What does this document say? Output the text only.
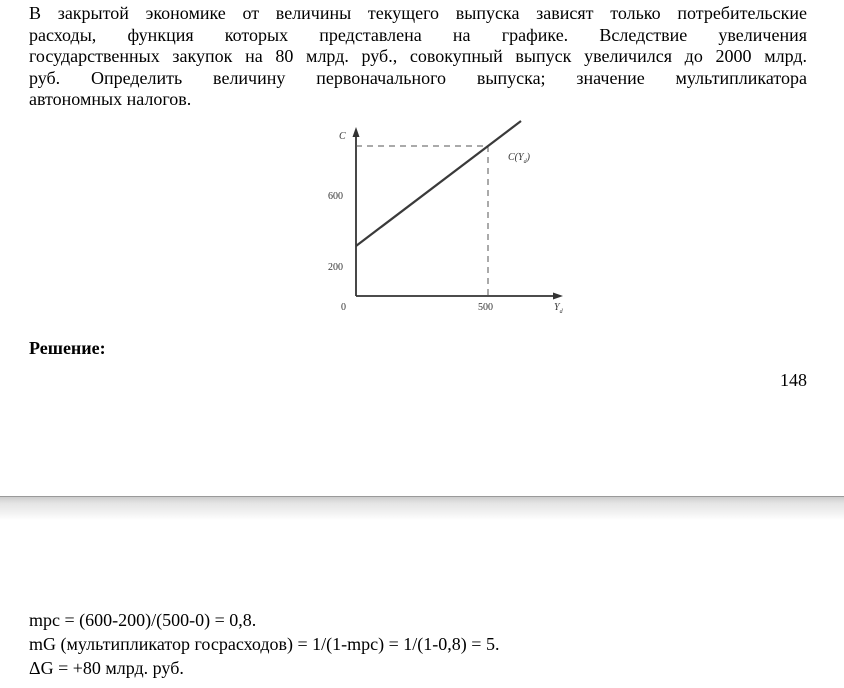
В закрытой экономике от величины текущего выпуска зависят только потребительские
расходы, функция которых представлена на графике. Вследствие увеличения
государственных закупок на 80 млрд. руб., совокупный выпуск увеличился до 2000 млрд.
руб. Определить величину первоначального выпуска; значение мультипликатора
автономных налогов.

C
$C(Y_d)$
600
200
0	500	$Y_d$

Решение:

148

mpc = (600-200)/(500-0) = 0,8.
mG (мультипликатор госрасходов) = 1/(1-mpc) = 1/(1-0,8) = 5.
ΔG = +80 млрд. руб.
